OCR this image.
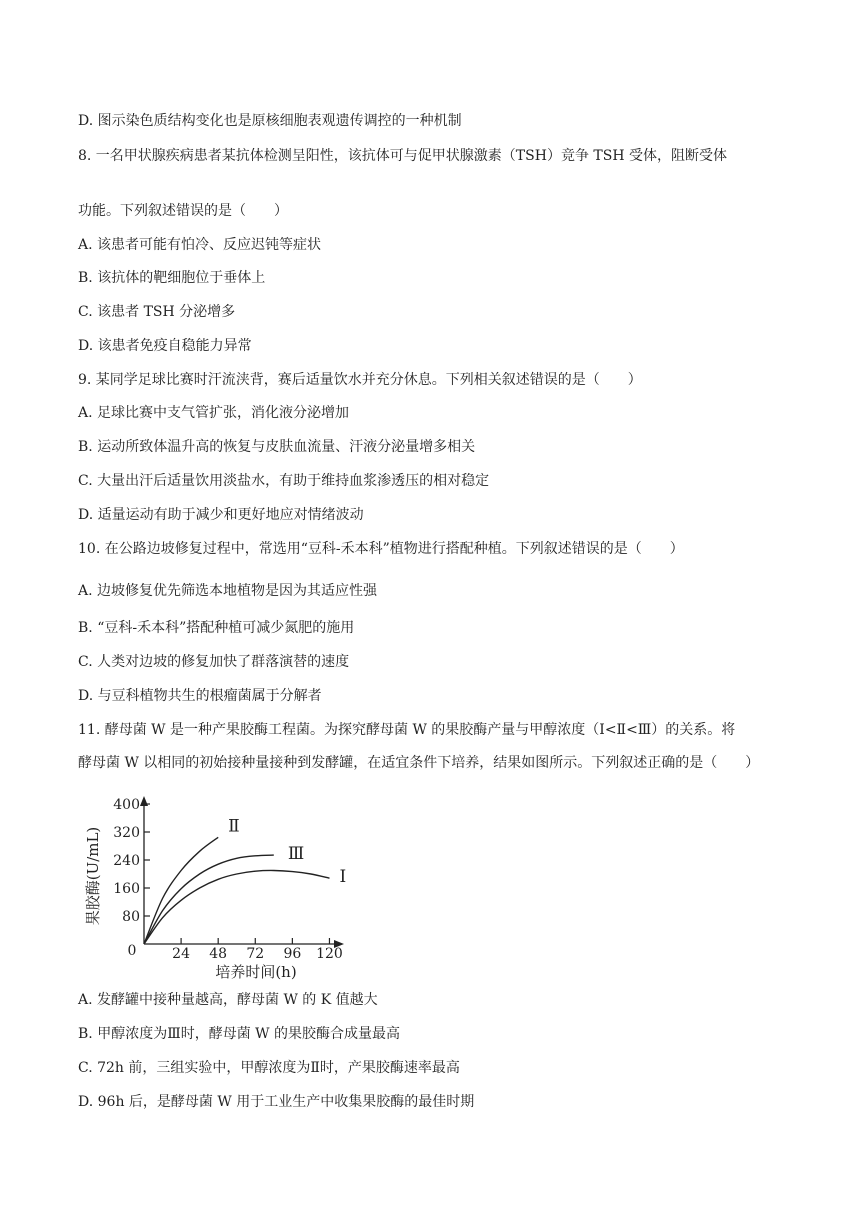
D. 图示染色质结构变化也是原核细胞表观遗传调控的一种机制

8. 一名甲状腺疾病患者某抗体检测呈阳性，该抗体可与促甲状腺激素（TSH）竞争 TSH 受体，阻断受体

功能。下列叙述错误的是（　　）

A. 该患者可能有怕冷、反应迟钝等症状

B. 该抗体的靶细胞位于垂体上

C. 该患者 TSH 分泌增多

D. 该患者免疫自稳能力异常

9. 某同学足球比赛时汗流浃背，赛后适量饮水并充分休息。下列相关叙述错误的是（　　）

A. 足球比赛中支气管扩张，消化液分泌增加

B. 运动所致体温升高的恢复与皮肤血流量、汗液分泌量增多相关

C. 大量出汗后适量饮用淡盐水，有助于维持血浆渗透压的相对稳定

D. 适量运动有助于减少和更好地应对情绪波动

10. 在公路边坡修复过程中，常选用“豆科-禾本科”植物进行搭配种植。下列叙述错误的是（　　）

A. 边坡修复优先筛选本地植物是因为其适应性强

B. “豆科-禾本科”搭配种植可减少氮肥的施用

C. 人类对边坡的修复加快了群落演替的速度

D. 与豆科植物共生的根瘤菌属于分解者

11. 酵母菌 W 是一种产果胶酶工程菌。为探究酵母菌 W 的果胶酶产量与甲醇浓度（Ⅰ<Ⅱ<Ⅲ）的关系。将

酵母菌 W 以相同的初始接种量接种到发酵罐，在适宜条件下培养，结果如图所示。下列叙述正确的是（　　）

80
160
240
320
400
24 48 72 96 120
Ⅱ
Ⅲ
Ⅰ
0
培养时间(h)
果胶酶(U/mL)

A. 发酵罐中接种量越高，酵母菌 W 的 K 值越大

B. 甲醇浓度为Ⅲ时，酵母菌 W 的果胶酶合成量最高

C. 72h 前，三组实验中，甲醇浓度为Ⅱ时，产果胶酶速率最高

D. 96h 后，是酵母菌 W 用于工业生产中收集果胶酶的最佳时期
